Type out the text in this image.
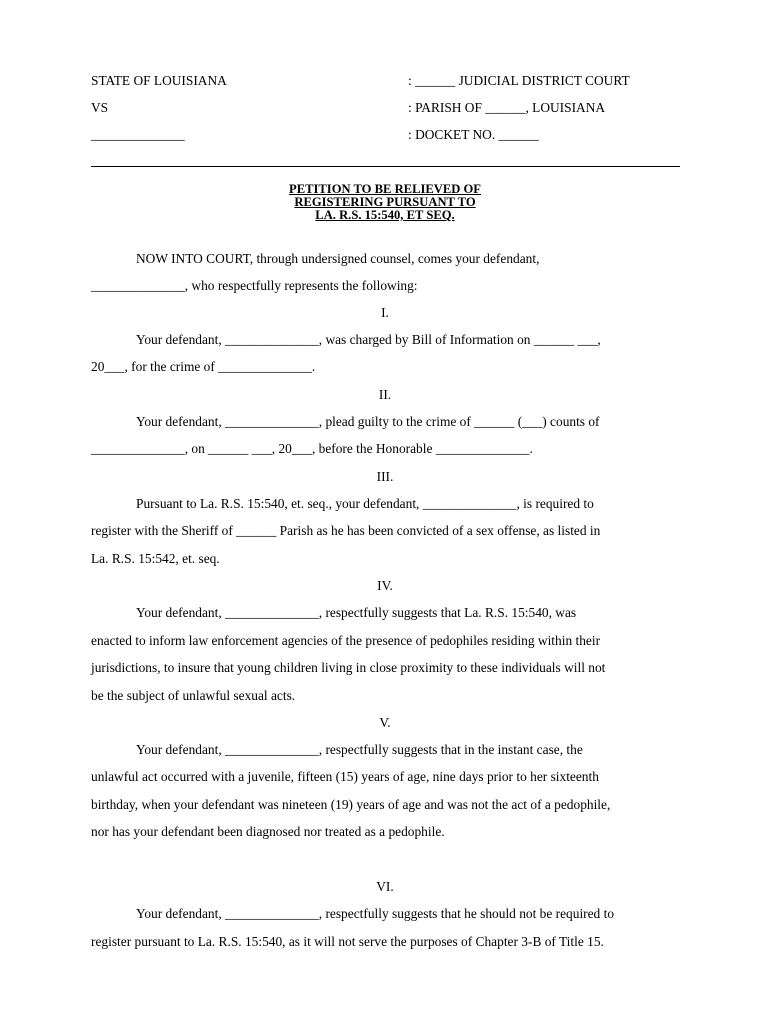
STATE OF LOUISIANA	: ______ JUDICIAL DISTRICT COURT
VS	: PARISH OF ______, LOUISIANA
______________	: DOCKET NO. ______
PETITION TO BE RELIEVED OF
REGISTERING PURSUANT TO
LA. R.S. 15:540, ET SEQ.
NOW INTO COURT, through undersigned counsel, comes your defendant,
______________, who respectfully represents the following:
I.
Your defendant, ______________, was charged by Bill of Information on ______ ___,
20___, for the crime of ______________.
II.
Your defendant, ______________, plead guilty to the crime of ______ (___) counts of
______________, on ______ ___, 20___, before the Honorable ______________.
III.
Pursuant to La. R.S. 15:540, et. seq., your defendant, ______________, is required to
register with the Sheriff of ______ Parish as he has been convicted of a sex offense, as listed in
La. R.S. 15:542, et. seq.
IV.
Your defendant, ______________, respectfully suggests that La. R.S. 15:540, was
enacted to inform law enforcement agencies of the presence of pedophiles residing within their
jurisdictions, to insure that young children living in close proximity to these individuals will not
be the subject of unlawful sexual acts.
V.
Your defendant, ______________, respectfully suggests that in the instant case, the
unlawful act occurred with a juvenile, fifteen (15) years of age, nine days prior to her sixteenth
birthday, when your defendant was nineteen (19) years of age and was not the act of a pedophile,
nor has your defendant been diagnosed nor treated as a pedophile.
VI.
Your defendant, ______________, respectfully suggests that he should not be required to
register pursuant to La. R.S. 15:540, as it will not serve the purposes of Chapter 3-B of Title 15.
